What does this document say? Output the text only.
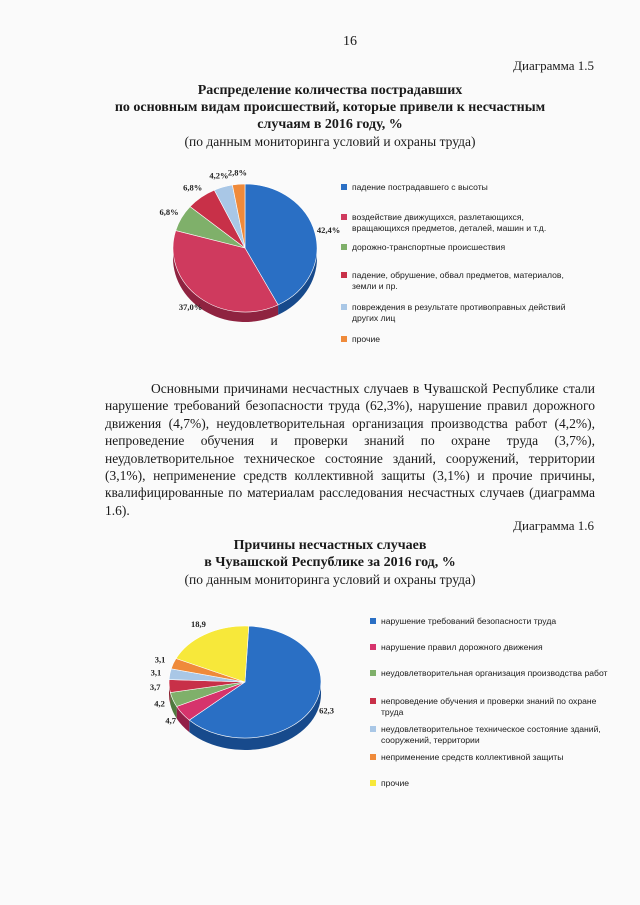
16
Диаграмма 1.5
Распределение количества пострадавших
по основным видам происшествий, которые привели к несчастным
случаям в 2016 году, %
(по данным мониторинга условий и охраны труда)
42,4%
37,0%
6,8%
6,8%
4,2% 2,8%
падение пострадавшего с высоты
воздействие движущихся, разлетающихся, вращающихся предметов, деталей, машин и т.д.
дорожно-транспортные происшествия
падение, обрушение, обвал предметов, материалов, земли и пр.
повреждения в результате противоправных действий других лиц
прочие

Основными причинами несчастных случаев в Чувашской Республике стали нарушение требований безопасности труда (62,3%), нарушение правил дорожного движения (4,7%), неудовлетворительная организация производства работ (4,2%), непроведение обучения и проверки знаний по охране труда (3,7%), неудовлетворительное техническое состояние зданий, сооружений, территории (3,1%), неприменение средств коллективной защиты (3,1%) и прочие причины, квалифицированные по материалам расследования несчастных случаев (диаграмма 1.6).

Диаграмма 1.6
Причины несчастных случаев
в Чувашской Республике за 2016 год, %
(по данным мониторинга условий и охраны труда)
62,3
4,7
4,2
3,7
3,1
3,1
18,9	нарушение требований безопасности труда
нарушение правил дорожного движения
неудовлетворительная организация производства работ
непроведение обучения и проверки знаний по охране труда
неудовлетворительное техническое состояние зданий, сооружений, территории
неприменение средств коллективной защиты
прочие
